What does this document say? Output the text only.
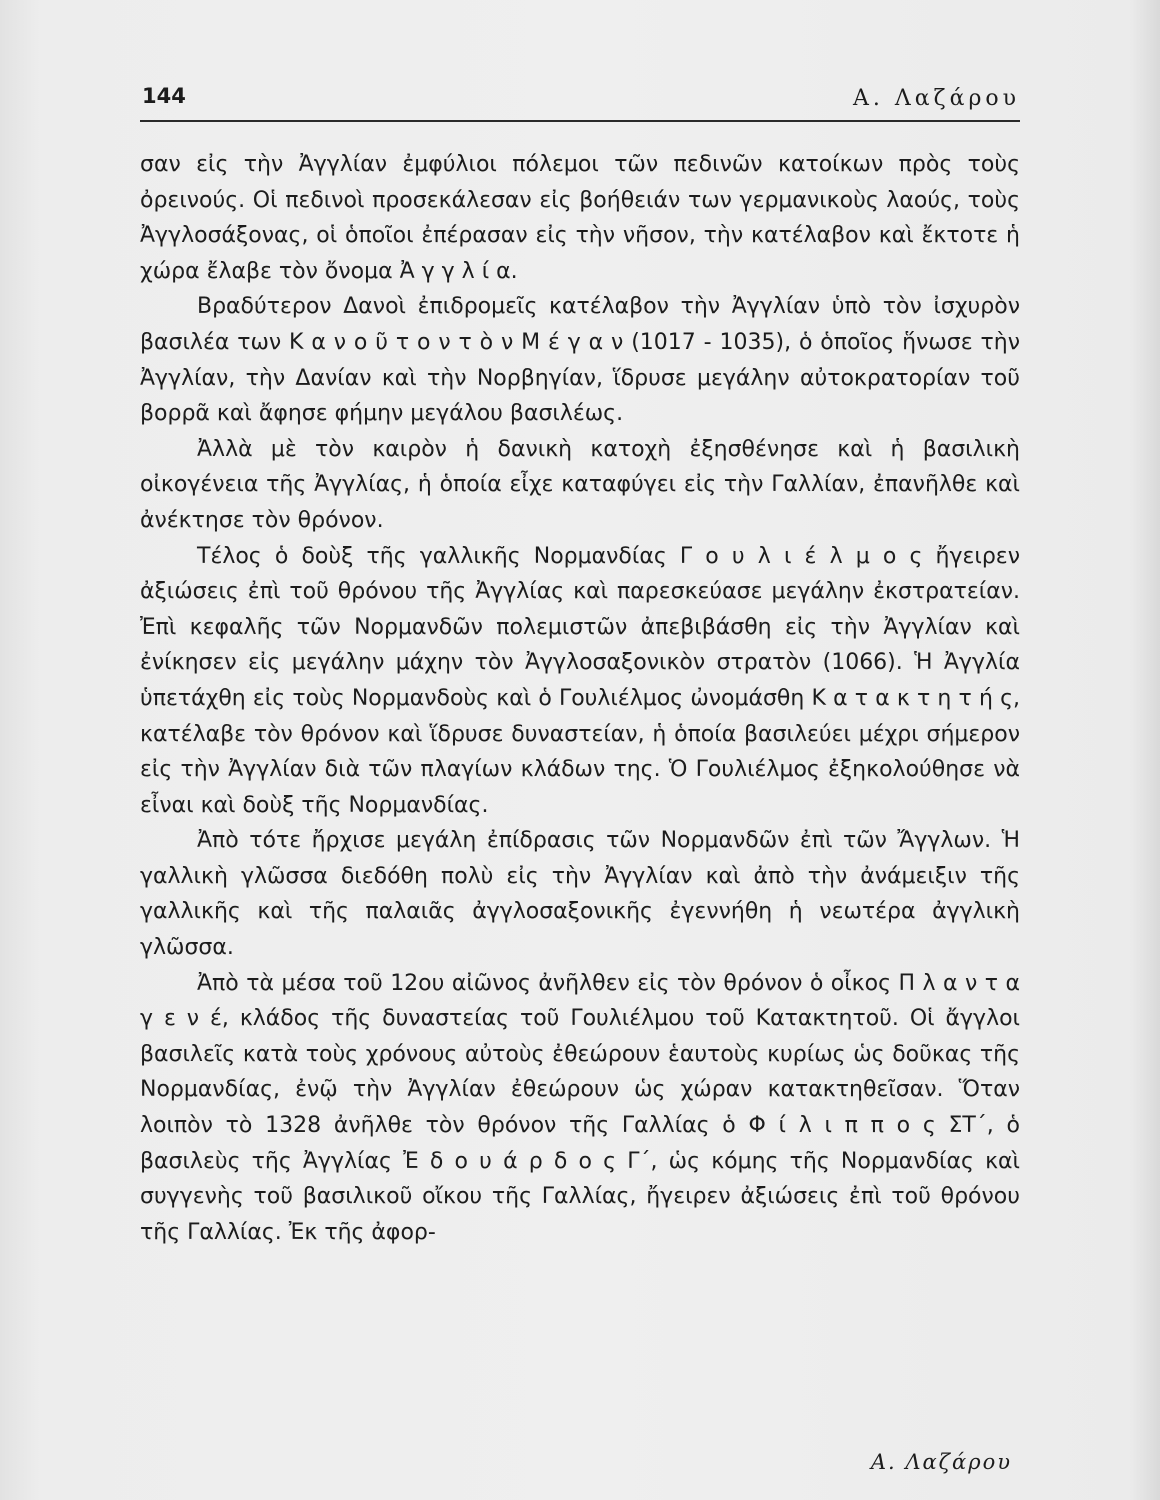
144	Α. Λαζάρου

σαν εἰς τὴν Ἀγγλίαν ἐμφύλιοι πόλεμοι τῶν πεδινῶν κατοίκων πρὸς τοὺς ὀρεινούς. Οἱ πεδινοὶ προσεκάλεσαν εἰς βοήθειάν των γερμανικοὺς λαούς, τοὺς Ἀγγλοσάξονας, οἱ ὁποῖοι ἐπέρασαν εἰς τὴν νῆσον, τὴν κατέλαβον καὶ ἔκτοτε ἡ χώρα ἔλαβε τὸν ὄνομα Ἀ γ γ λ ί α.

Βραδύτερον Δανοὶ ἐπιδρομεῖς κατέλαβον τὴν Ἀγγλίαν ὑπὸ τὸν ἰσχυρὸν βασιλέα των Κ α ν ο ῦ τ ο ν τ ὸ ν Μ έ γ α ν (1017 - 1035), ὁ ὁποῖος ἥνωσε τὴν Ἀγγλίαν, τὴν Δανίαν καὶ τὴν Νορβηγίαν, ἵδρυσε μεγάλην αὐτοκρατορίαν τοῦ βορρᾶ καὶ ἄφησε φήμην μεγάλου βασιλέως.

Ἀλλὰ μὲ τὸν καιρὸν ἡ δανικὴ κατοχὴ ἐξησθένησε καὶ ἡ βασιλικὴ οἰκογένεια τῆς Ἀγγλίας, ἡ ὁποία εἶχε καταφύγει εἰς τὴν Γαλλίαν, ἐπανῆλθε καὶ ἀνέκτησε τὸν θρόνον.

Τέλος ὁ δοὺξ τῆς γαλλικῆς Νορμανδίας Γ ο υ λ ι έ λ μ ο ς ἤγειρεν ἀξιώσεις ἐπὶ τοῦ θρόνου τῆς Ἀγγλίας καὶ παρεσκεύασε μεγάλην ἐκστρατείαν. Ἐπὶ κεφαλῆς τῶν Νορμανδῶν πολεμιστῶν ἀπεβιβάσθη εἰς τὴν Ἀγγλίαν καὶ ἐνίκησεν εἰς μεγάλην μάχην τὸν Ἀγγλοσαξονικὸν στρατὸν (1066). Ἡ Ἀγγλία ὑπετάχθη εἰς τοὺς Νορμανδοὺς καὶ ὁ Γουλιέλμος ὠνομάσθη Κ α τ α κ τ η τ ή ς, κατέλαβε τὸν θρόνον καὶ ἵδρυσε δυναστείαν, ἡ ὁποία βασιλεύει μέχρι σήμερον εἰς τὴν Ἀγγλίαν διὰ τῶν πλαγίων κλάδων της. Ὁ Γουλιέλμος ἐξηκολούθησε νὰ εἶναι καὶ δοὺξ τῆς Νορμανδίας.

Ἀπὸ τότε ἤρχισε μεγάλη ἐπίδρασις τῶν Νορμανδῶν ἐπὶ τῶν Ἄγγλων. Ἡ γαλλικὴ γλῶσσα διεδόθη πολὺ εἰς τὴν Ἀγγλίαν καὶ ἀπὸ τὴν ἀνάμειξιν τῆς γαλλικῆς καὶ τῆς παλαιᾶς ἀγγλοσαξονικῆς ἐγεννήθη ἡ νεωτέρα ἀγγλικὴ γλῶσσα.

Ἀπὸ τὰ μέσα τοῦ 12ου αἰῶνος ἀνῆλθεν εἰς τὸν θρόνον ὁ οἶκος Π λ α ν τ α γ ε ν έ, κλάδος τῆς δυναστείας τοῦ Γουλιέλμου τοῦ Κατακτητοῦ. Οἱ ἄγγλοι βασιλεῖς κατὰ τοὺς χρόνους αὐτοὺς ἐθεώρουν ἑαυτοὺς κυρίως ὡς δοῦκας τῆς Νορμανδίας, ἐνῷ τὴν Ἀγγλίαν ἐθεώρουν ὡς χώραν κατακτηθεῖσαν. Ὅταν λοιπὸν τὸ 1328 ἀνῆλθε τὸν θρόνον τῆς Γαλλίας ὁ Φ ί λ ι π π ο ς ΣΤ΄, ὁ βασιλεὺς τῆς Ἀγγλίας Ἐ δ ο υ ά ρ δ ο ς Γ΄, ὡς κόμης τῆς Νορμανδίας καὶ συγγενὴς τοῦ βασιλικοῦ οἴκου τῆς Γαλλίας, ἤγειρεν ἀξιώσεις ἐπὶ τοῦ θρόνου τῆς Γαλλίας. Ἐκ τῆς ἀφορ-

Α. Λαζάρου
